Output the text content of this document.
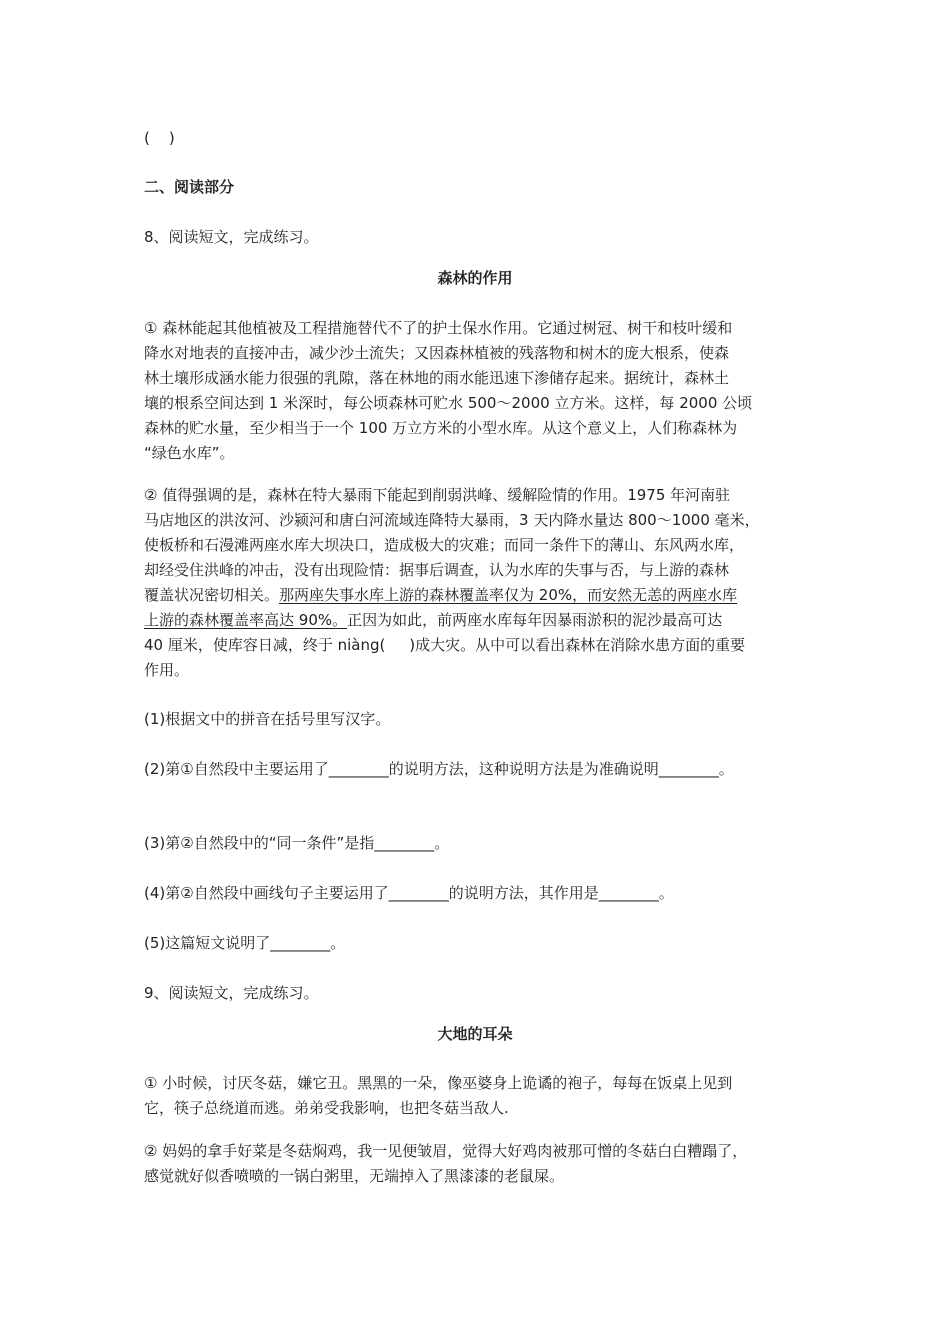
(    )
二、阅读部分
8、阅读短文，完成练习。
森林的作用
① 森林能起其他植被及工程措施替代不了的护土保水作用。它通过树冠、树干和枝叶缓和
降水对地表的直接冲击，减少沙土流失；又因森林植被的残落物和树木的庞大根系，使森
林土壤形成涵水能力很强的乳隙，落在林地的雨水能迅速下渗储存起来。据统计，森林土
壤的根系空间达到 1 米深时，每公顷森林可贮水 500～2000 立方米。这样，每 2000 公顷
森林的贮水量，至少相当于一个 100 万立方米的小型水库。从这个意义上，人们称森林为
“绿色水库”。
② 值得强调的是，森林在特大暴雨下能起到削弱洪峰、缓解险情的作用。1975 年河南驻
马店地区的洪汝河、沙颍河和唐白河流域连降特大暴雨，3 天内降水量达 800～1000 毫米，
使板桥和石漫滩两座水库大坝决口，造成极大的灾难；而同一条件下的薄山、东风两水库，
却经受住洪峰的冲击，没有出现险情：据事后调查，认为水库的失事与否，与上游的森林
覆盖状况密切相关。那两座失事水库上游的森林覆盖率仅为 20%，而安然无恙的两座水库
上游的森林覆盖率高达 90%。正因为如此，前两座水库每年因暴雨淤积的泥沙最高可达
40 厘米，使库容日减，终于 niàng(     )成大灾。从中可以看出森林在消除水患方面的重要
作用。
(1)根据文中的拼音在括号里写汉字。
(2)第①自然段中主要运用了________的说明方法，这种说明方法是为准确说明________。
(3)第②自然段中的“同一条件”是指________。
(4)第②自然段中画线句子主要运用了________的说明方法，其作用是________。
(5)这篇短文说明了________。
9、阅读短文，完成练习。
大地的耳朵
① 小时候，讨厌冬菇，嫌它丑。黑黑的一朵，像巫婆身上诡谲的袍子，每每在饭桌上见到
它，筷子总绕道而逃。弟弟受我影响，也把冬菇当敌人.
② 妈妈的拿手好菜是冬菇焖鸡，我一见便皱眉，觉得大好鸡肉被那可憎的冬菇白白糟蹋了，
感觉就好似香喷喷的一锅白粥里，无端掉入了黑漆漆的老鼠屎。
